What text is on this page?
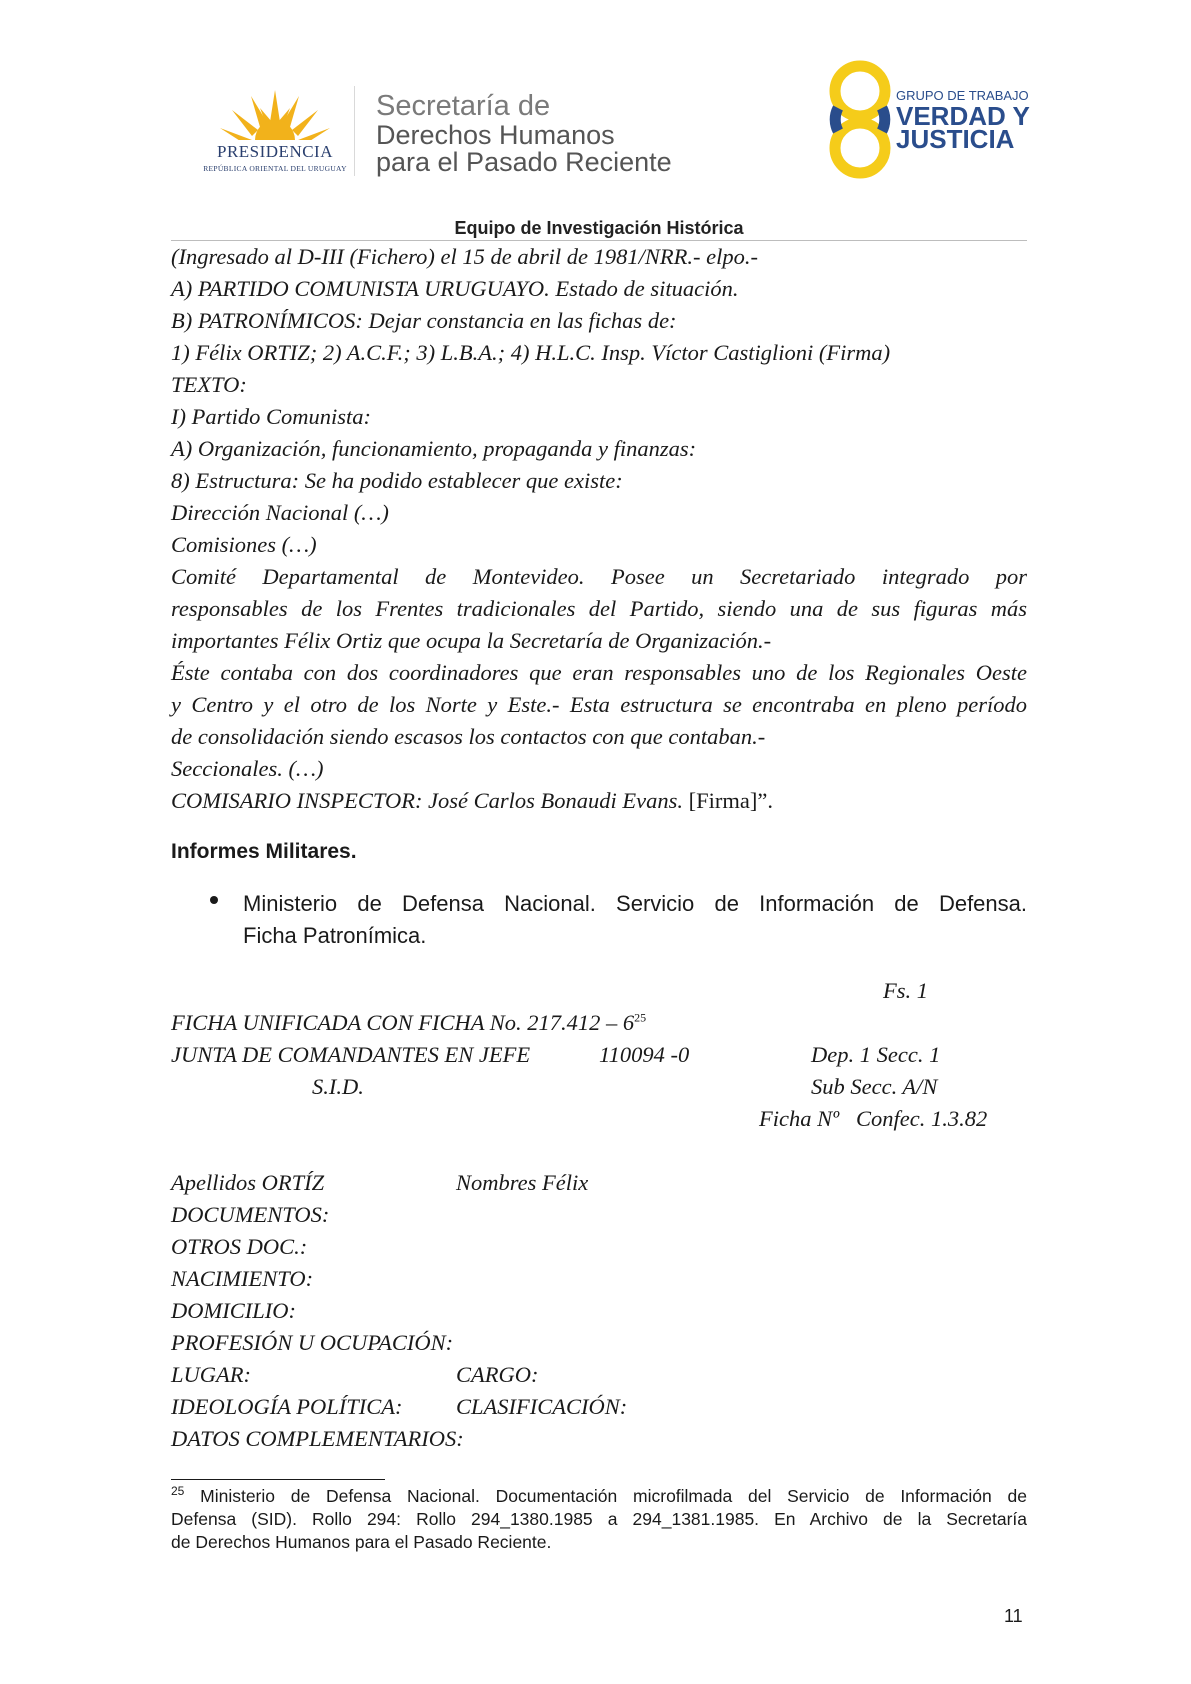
PRESIDENCIA
REPÚBLICA ORIENTAL DEL URUGUAY
Secretaría de
Derechos Humanos
para el Pasado Reciente
GRUPO DE TRABAJO
VERDAD Y
JUSTICIA
Equipo de Investigación Histórica
(Ingresado al D-III (Fichero) el 15 de abril de 1981/NRR.- elpo.-
A) PARTIDO COMUNISTA URUGUAYO. Estado de situación.
B) PATRONÍMICOS: Dejar constancia en las fichas de:
1) Félix ORTIZ; 2) A.C.F.; 3) L.B.A.; 4) H.L.C. Insp. Víctor Castiglioni (Firma)
TEXTO:
I) Partido Comunista:
A) Organización, funcionamiento, propaganda y finanzas:
8) Estructura: Se ha podido establecer que existe:
Dirección Nacional (…)
Comisiones (…)
Comité Departamental de Montevideo. Posee un Secretariado integrado por
responsables de los Frentes tradicionales del Partido, siendo una de sus figuras más
importantes Félix Ortiz que ocupa la Secretaría de Organización.-
Éste contaba con dos coordinadores que eran responsables uno de los Regionales Oeste
y Centro y el otro de los Norte y Este.- Esta estructura se encontraba en pleno período
de consolidación siendo escasos los contactos con que contaban.-
Seccionales. (…)
COMISARIO INSPECTOR: José Carlos Bonaudi Evans. [Firma]”.
Informes Militares.
Ministerio de Defensa Nacional. Servicio de Información de Defensa.
Ficha Patronímica.
Fs. 1
FICHA UNIFICADA CON FICHA No. $217.412 - 6^{25}$
JUNTA DE COMANDANTES EN JEFE	110094 -0	Dep. 1 Secc. 1
S.I.D.	Sub Secc. A/N
Ficha Nº   Confec. 1.3.82
Apellidos ORTÍZ	Nombres Félix
DOCUMENTOS:
OTROS DOC.:
NACIMIENTO:
DOMICILIO:
PROFESIÓN U OCUPACIÓN:
LUGAR:	CARGO:
IDEOLOGÍA POLÍTICA: CLASIFICACIÓN:
DATOS COMPLEMENTARIOS:
$^{25}$ Ministerio de Defensa Nacional. Documentación microfilmada del Servicio de Información de
Defensa (SID). Rollo 294: Rollo 294_1380.1985 a 294_1381.1985. En Archivo de la Secretaría
de Derechos Humanos para el Pasado Reciente.
11
